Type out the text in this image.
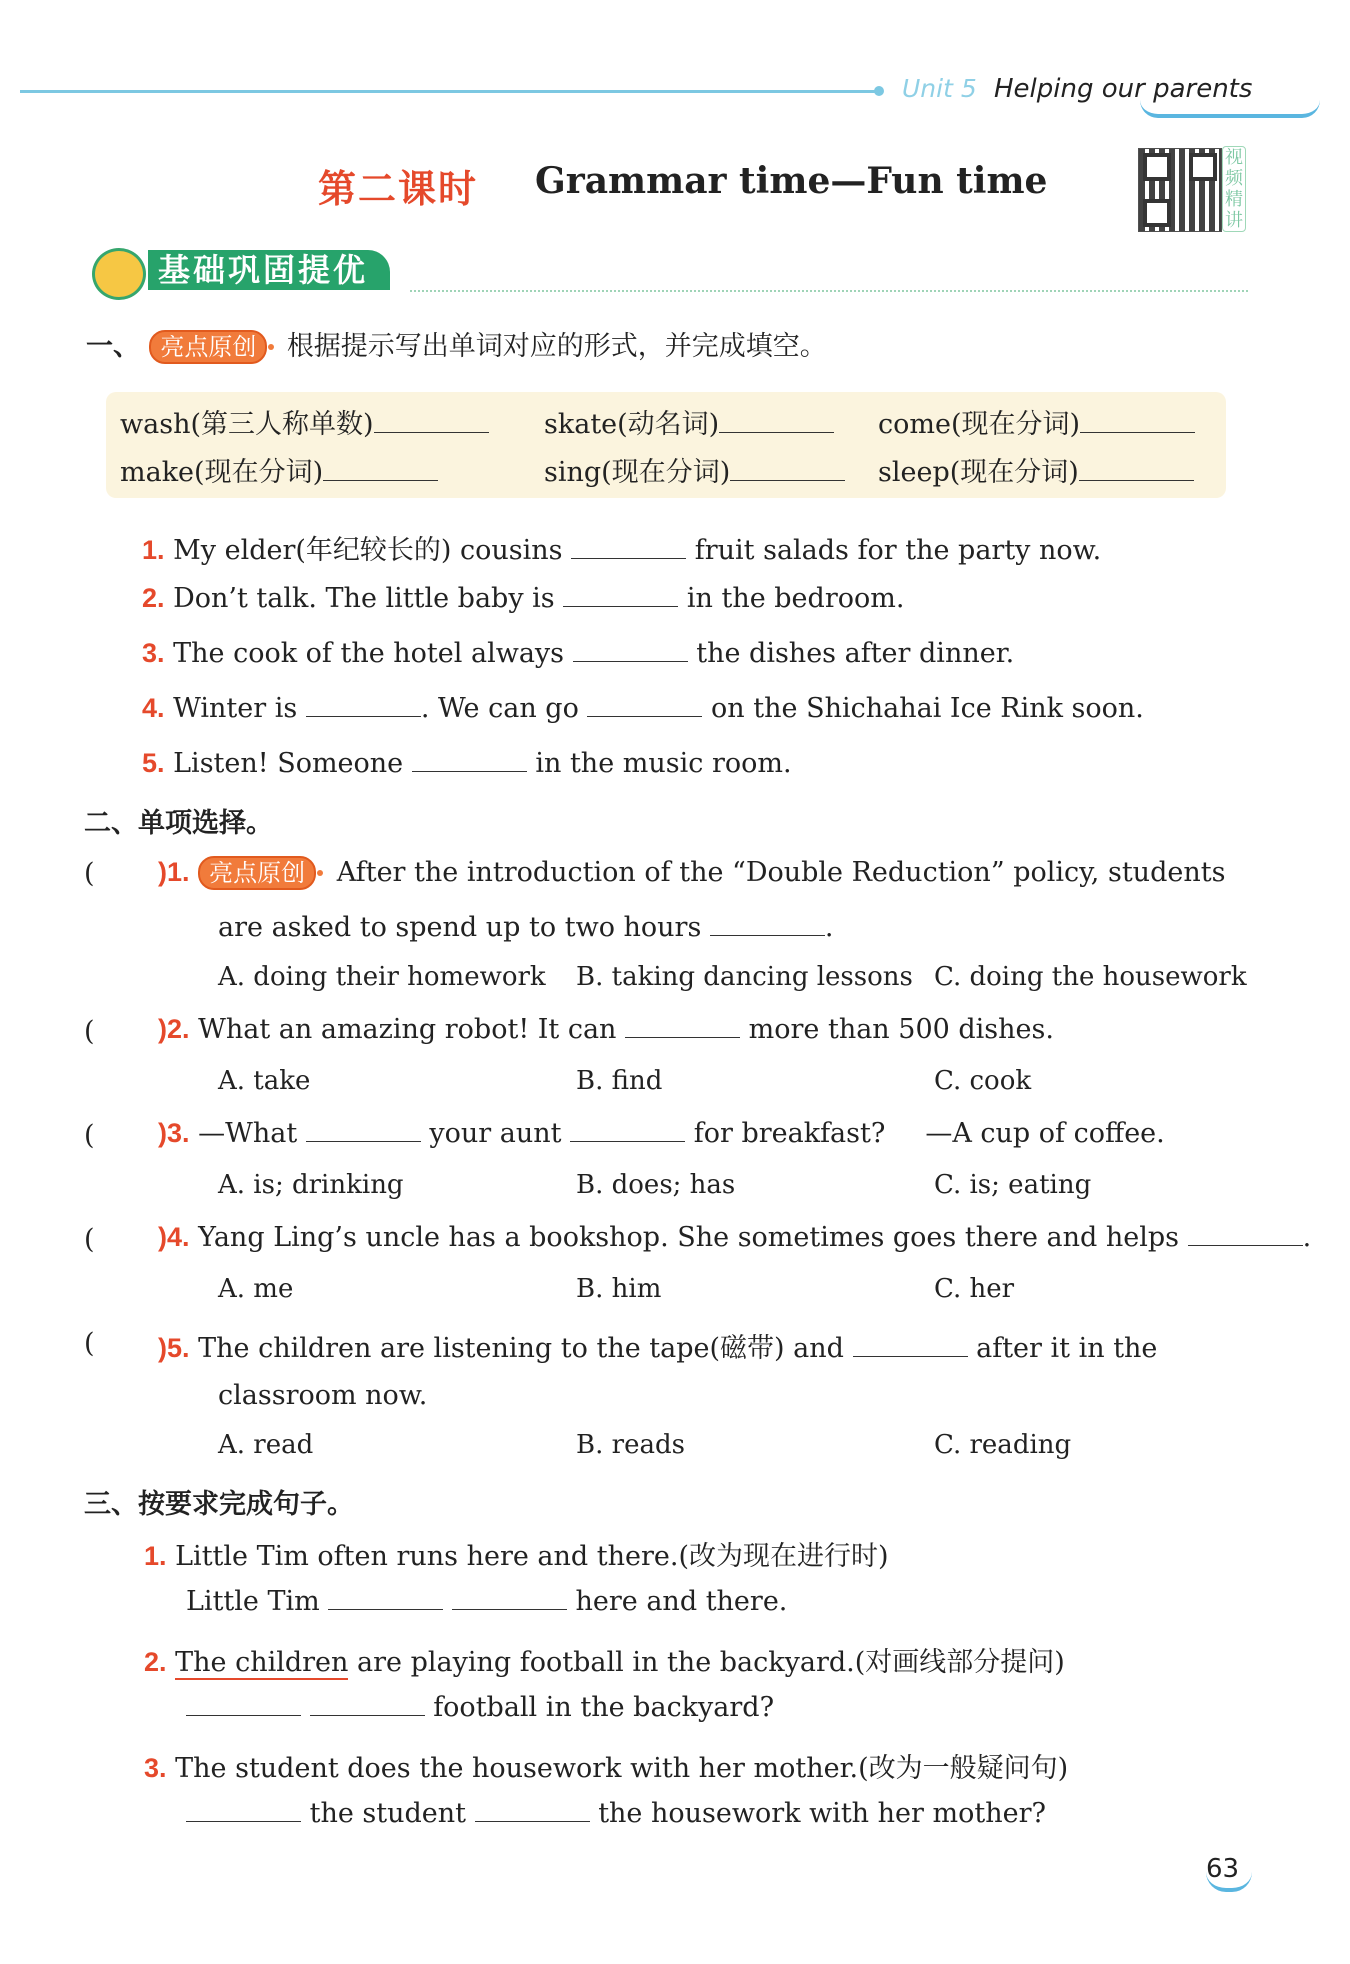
Unit 5 Helping our parents
第二课时 Grammar time—Fun time
视频精讲
基础巩固提优
一、 亮点原创 根据提示写出单词对应的形式，并完成填空。
wash(第三人称单数)	skate(动名词)	come(现在分词)
make(现在分词)	sing(现在分词)	sleep(现在分词)
1. My elder(年纪较长的) cousins	fruit salads for the party now.
2. Don’t talk. The little baby is	in the bedroom.
3. The cook of the hotel always	the dishes after dinner.
4. Winter is	. We can go	on the Shichahai Ice Rink soon.
5. Listen! Someone	in the music room.
二、单项选择。
( )1. 亮点原创 After the introduction of the “Double Reduction” policy, students
are asked to spend up to two hours	.
A. doing their homework B. taking dancing lessons C. doing the housework
( )2. What an amazing robot! It can	more than 500 dishes.
A. take	B. find	C. cook
( )3. —What	your aunt	for breakfast? —A cup of coffee.
A. is; drinking	B. does; has	C. is; eating
( )4. Yang Ling’s uncle has a bookshop. She sometimes goes there and helps	.
A. me	B. him	C. her
( )5. The children are listening to the tape(磁带) and	after it in the
classroom now.
A. read	B. reads	C. reading
三、按要求完成句子。
1. Little Tim often runs here and there.(改为现在进行时)
Little Tim	here and there.
2. The children are playing football in the backyard.(对画线部分提问)
football in the backyard?
3. The student does the housework with her mother.(改为一般疑问句)
the student	the housework with her mother?
63
